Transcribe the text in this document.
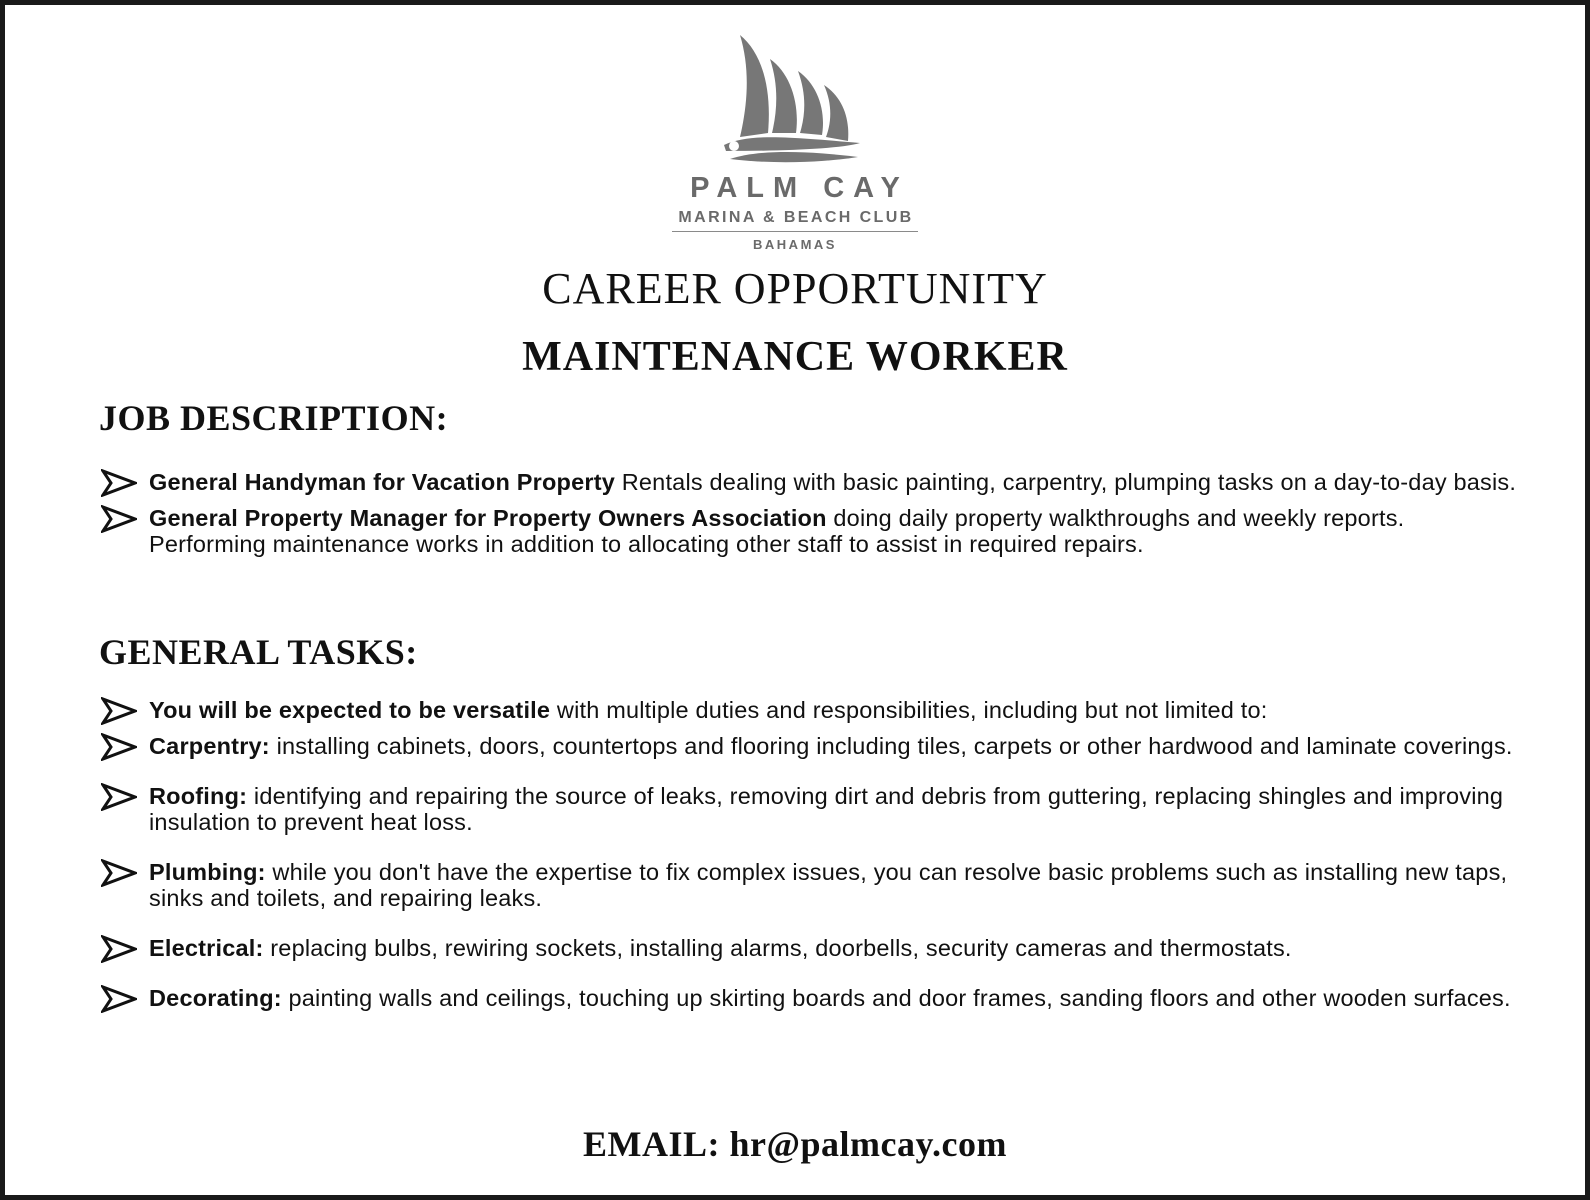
PALM CAY
MARINA & BEACH CLUB
BAHAMAS
CAREER OPPORTUNITY
MAINTENANCE WORKER
JOB DESCRIPTION:
General Handyman for Vacation Property Rentals dealing with basic painting, carpentry, plumping tasks on a day-to-day basis.
General Property Manager for Property Owners Association doing daily property walkthroughs and weekly reports. Performing maintenance works in addition to allocating other staff to assist in required repairs.
GENERAL TASKS:
You will be expected to be versatile with multiple duties and responsibilities, including but not limited to:
Carpentry: installing cabinets, doors, countertops and flooring including tiles, carpets or other hardwood and laminate coverings.
Roofing: identifying and repairing the source of leaks, removing dirt and debris from guttering, replacing shingles and improving insulation to prevent heat loss.
Plumbing: while you don't have the expertise to fix complex issues, you can resolve basic problems such as installing new taps, sinks and toilets, and repairing leaks.
Electrical: replacing bulbs, rewiring sockets, installing alarms, doorbells, security cameras and thermostats.
Decorating: painting walls and ceilings, touching up skirting boards and door frames, sanding floors and other wooden surfaces.
EMAIL: hr@palmcay.com
